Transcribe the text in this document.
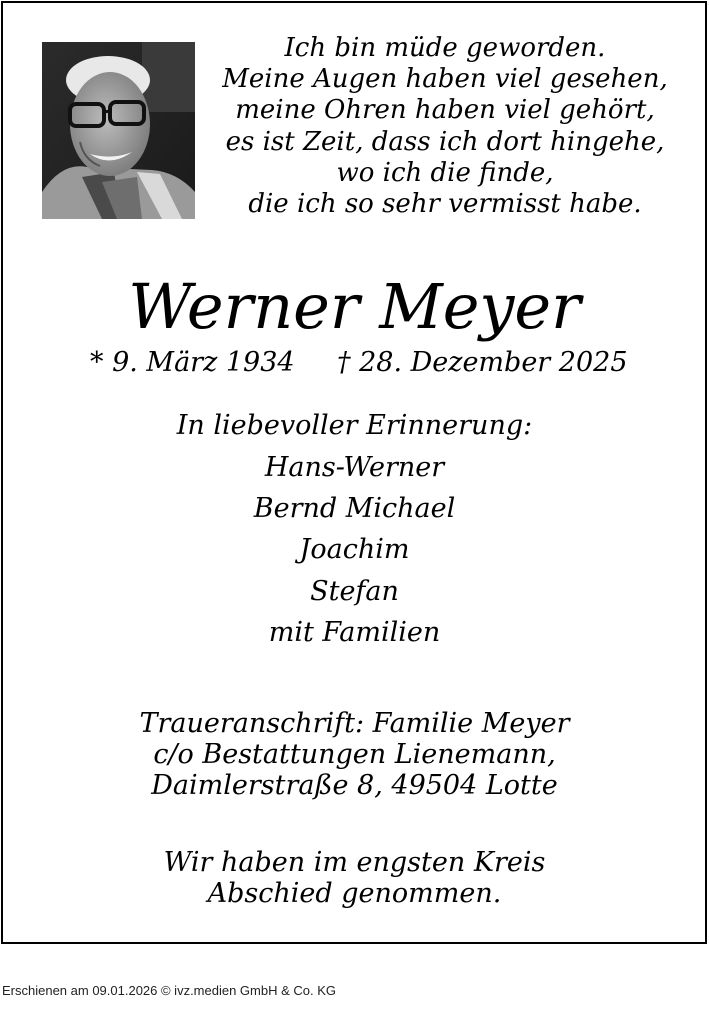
Ich bin müde geworden.
Meine Augen haben viel gesehen,
meine Ohren haben viel gehört,
es ist Zeit, dass ich dort hingehe,
wo ich die finde,
die ich so sehr vermisst habe.
Werner Meyer
* 9. März 1934 † 28. Dezember 2025
In liebevoller Erinnerung:
Hans-Werner
Bernd Michael
Joachim
Stefan
mit Familien
Traueranschrift: Familie Meyer
c/o Bestattungen Lienemann,
Daimlerstraße 8, 49504 Lotte
Wir haben im engsten Kreis
Abschied genommen.
Erschienen am 09.01.2026 © ivz.medien GmbH & Co. KG
